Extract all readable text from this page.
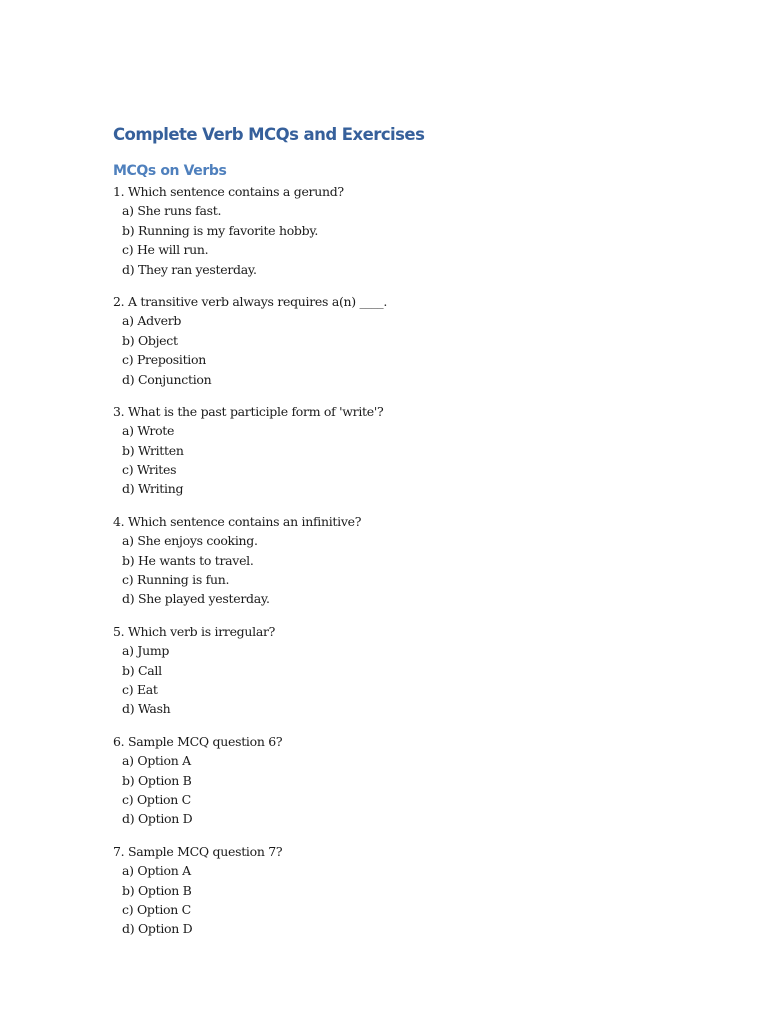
Complete Verb MCQs and Exercises
MCQs on Verbs
1. Which sentence contains a gerund?
a) She runs fast.
b) Running is my favorite hobby.
c) He will run.
d) They ran yesterday.
2. A transitive verb always requires a(n) ____.
a) Adverb
b) Object
c) Preposition
d) Conjunction
3. What is the past participle form of 'write'?
a) Wrote
b) Written
c) Writes
d) Writing
4. Which sentence contains an infinitive?
a) She enjoys cooking.
b) He wants to travel.
c) Running is fun.
d) She played yesterday.
5. Which verb is irregular?
a) Jump
b) Call
c) Eat
d) Wash
6. Sample MCQ question 6?
a) Option A
b) Option B
c) Option C
d) Option D
7. Sample MCQ question 7?
a) Option A
b) Option B
c) Option C
d) Option D
